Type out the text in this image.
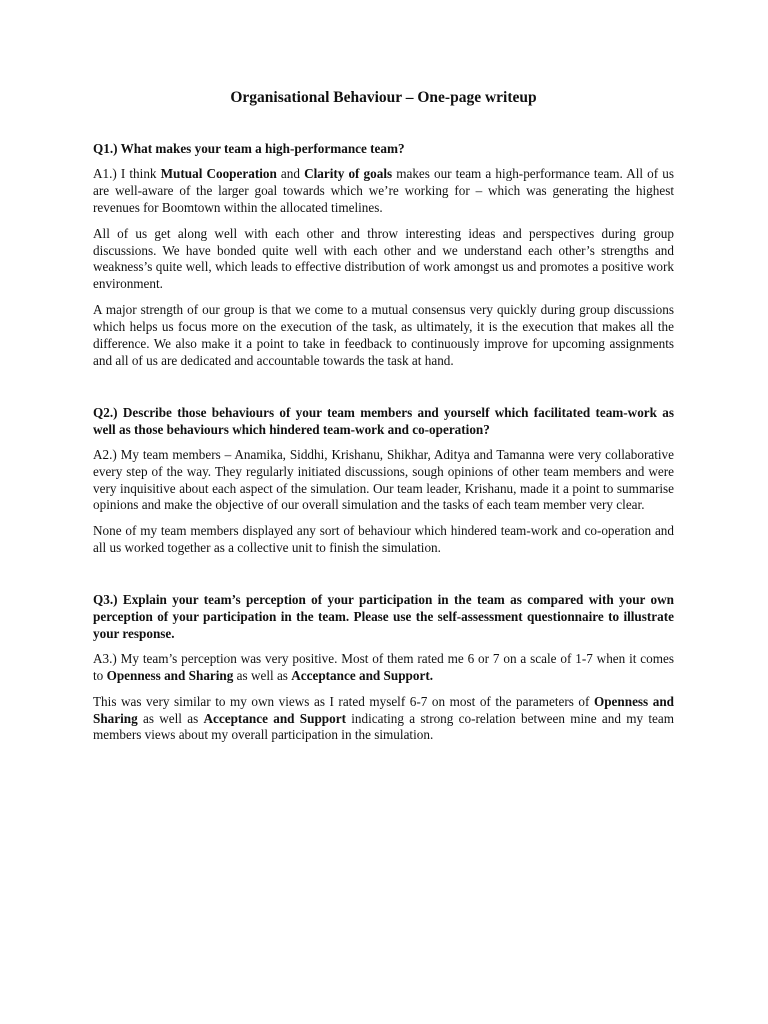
Organisational Behaviour – One-page writeup
Q1.) What makes your team a high-performance team?

A1.) I think Mutual Cooperation and Clarity of goals makes our team a high-performance team. All of us are well-aware of the larger goal towards which we’re working for – which was generating the highest revenues for Boomtown within the allocated timelines.

All of us get along well with each other and throw interesting ideas and perspectives during group discussions. We have bonded quite well with each other and we understand each other’s strengths and weakness’s quite well, which leads to effective distribution of work amongst us and promotes a positive work environment.

A major strength of our group is that we come to a mutual consensus very quickly during group discussions which helps us focus more on the execution of the task, as ultimately, it is the execution that makes all the difference. We also make it a point to take in feedback to continuously improve for upcoming assignments and all of us are dedicated and accountable towards the task at hand.

Q2.) Describe those behaviours of your team members and yourself which facilitated team-work as well as those behaviours which hindered team-work and co-operation?

A2.) My team members – Anamika, Siddhi, Krishanu, Shikhar, Aditya and Tamanna were very collaborative every step of the way. They regularly initiated discussions, sough opinions of other team members and were very inquisitive about each aspect of the simulation. Our team leader, Krishanu, made it a point to summarise opinions and make the objective of our overall simulation and the tasks of each team member very clear.

None of my team members displayed any sort of behaviour which hindered team-work and co-operation and all us worked together as a collective unit to finish the simulation.

Q3.) Explain your team’s perception of your participation in the team as compared with your own perception of your participation in the team. Please use the self-assessment questionnaire to illustrate your response.

A3.) My team’s perception was very positive. Most of them rated me 6 or 7 on a scale of 1-7 when it comes to Openness and Sharing as well as Acceptance and Support.

This was very similar to my own views as I rated myself 6-7 on most of the parameters of Openness and Sharing as well as Acceptance and Support indicating a strong co-relation between mine and my team members views about my overall participation in the simulation.
